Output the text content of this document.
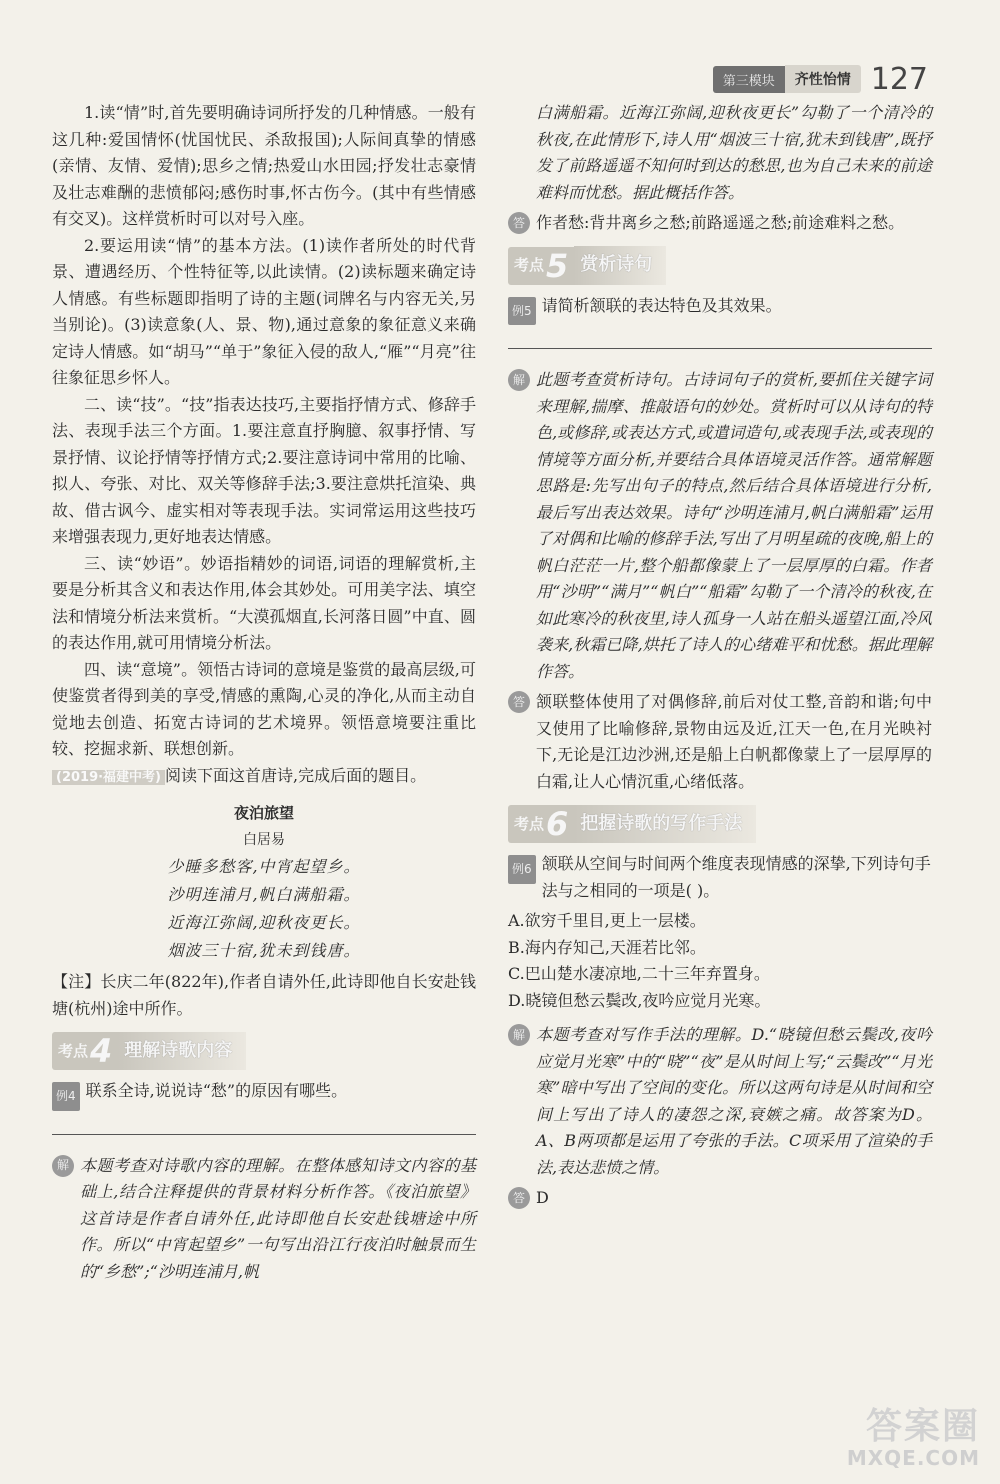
第三模块	齐性怡情 127

1.读“情”时,首先要明确诗词所抒发的几种情感。一般有这几种:爱国情怀(忧国忧民、杀敌报国);人际间真挚的情感(亲情、友情、爱情);思乡之情;热爱山水田园;抒发壮志豪情及壮志难酬的悲愤郁闷;感伤时事,怀古伤今。(其中有些情感有交叉)。这样赏析时可以对号入座。

2.要运用读“情”的基本方法。(1)读作者所处的时代背景、遭遇经历、个性特征等,以此读情。(2)读标题来确定诗人情感。有些标题即指明了诗的主题(词牌名与内容无关,另当别论)。(3)读意象(人、景、物),通过意象的象征意义来确定诗人情感。如“胡马”“单于”象征入侵的敌人,“雁”“月亮”往往象征思乡怀人。

二、读“技”。“技”指表达技巧,主要指抒情方式、修辞手法、表现手法三个方面。1.要注意直抒胸臆、叙事抒情、写景抒情、议论抒情等抒情方式;2.要注意诗词中常用的比喻、拟人、夸张、对比、双关等修辞手法;3.要注意烘托渲染、典故、借古讽今、虚实相对等表现手法。实词常运用这些技巧来增强表现力,更好地表达情感。

三、读“妙语”。妙语指精妙的词语,词语的理解赏析,主要是分析其含义和表达作用,体会其妙处。可用美字法、填空法和情境分析法来赏析。“大漠孤烟直,长河落日圆”中直、圆的表达作用,就可用情境分析法。

四、读“意境”。领悟古诗词的意境是鉴赏的最高层级,可使鉴赏者得到美的享受,情感的熏陶,心灵的净化,从而主动自觉地去创造、拓宽古诗词的艺术境界。领悟意境要注重比较、挖掘求新、联想创新。

(2019·福建中考) 阅读下面这首唐诗,完成后面的题目。

夜泊旅望
白居易
少睡多愁客,中宵起望乡。
沙明连浦月,帆白满船霜。
近海江弥阔,迎秋夜更长。
烟波三十宿,犹未到钱唐。

【注】长庆二年(822年),作者自请外任,此诗即他自长安赴钱塘(杭州)途中所作。

考点 4 理解诗歌内容
例4 联系全诗,说说诗“愁”的原因有哪些。
解 本题考查对诗歌内容的理解。在整体感知诗文内容的基础上,结合注释提供的背景材料分析作答。《夜泊旅望》这首诗是作者自请外任,此诗即他自长安赴钱塘途中所作。所以“中宵起望乡”一句写出沿江行夜泊时触景而生的“乡愁”;“沙明连浦月,帆

白满船霜。近海江弥阔,迎秋夜更长”勾勒了一个清冷的秋夜,在此情形下,诗人用“烟波三十宿,犹未到钱唐”,既抒发了前路遥遥不知何时到达的愁思,也为自己未来的前途难料而忧愁。据此概括作答。

答 作者愁:背井离乡之愁;前路遥遥之愁;前途难料之愁。
考点 5 赏析诗句
例5 请简析颔联的表达特色及其效果。
解 此题考查赏析诗句。古诗词句子的赏析,要抓住关键字词来理解,揣摩、推敲语句的妙处。赏析时可以从诗句的特色,或修辞,或表达方式,或遣词造句,或表现手法,或表现的情境等方面分析,并要结合具体语境灵活作答。通常解题思路是:先写出句子的特点,然后结合具体语境进行分析,最后写出表达效果。诗句“沙明连浦月,帆白满船霜”运用了对偶和比喻的修辞手法,写出了月明星疏的夜晚,船上的帆白茫茫一片,整个船都像蒙上了一层厚厚的白霜。作者用“沙明”“满月”“帆白”“船霜”勾勒了一个清冷的秋夜,在如此寒冷的秋夜里,诗人孤身一人站在船头遥望江面,冷风袭来,秋霜已降,烘托了诗人的心绪难平和忧愁。据此理解作答。
答 颔联整体使用了对偶修辞,前后对仗工整,音韵和谐;句中又使用了比喻修辞,景物由远及近,江天一色,在月光映衬下,无论是江边沙洲,还是船上白帆都像蒙上了一层厚厚的白霜,让人心情沉重,心绪低落。
考点 6 把握诗歌的写作手法
例6 颔联从空间与时间两个维度表现情感的深挚,下列诗句手法与之相同的一项是( )。

A.欲穷千里目,更上一层楼。

B.海内存知己,天涯若比邻。

C.巴山楚水凄凉地,二十三年弃置身。

D.晓镜但愁云鬓改,夜吟应觉月光寒。

解 本题考查对写作手法的理解。D.“晓镜但愁云鬓改,夜吟应觉月光寒”中的“晓”“夜”是从时间上写;“云鬓改”“月光寒”暗中写出了空间的变化。所以这两句诗是从时间和空间上写出了诗人的凄怨之深,衰嫉之痛。故答案为D。A、B两项都是运用了夸张的手法。C项采用了渲染的手法,表达悲愤之情。
答 D
答案圈
MXQE.COM
